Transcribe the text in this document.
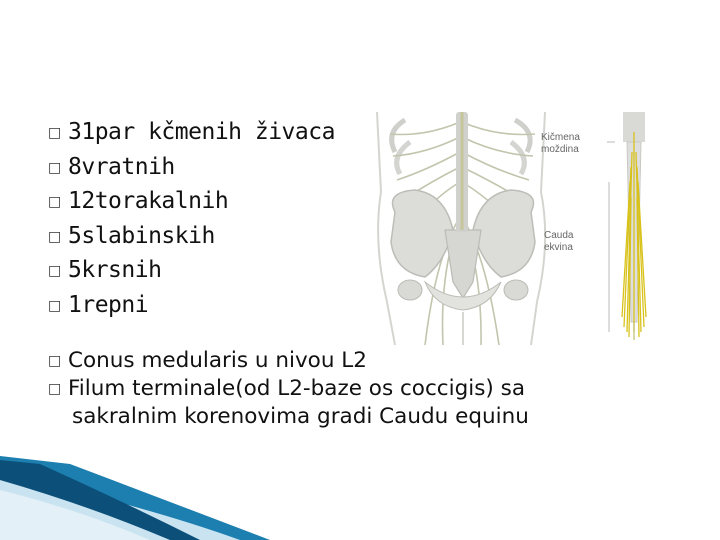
□ 31par kčmenih živaca
□ 8vratnih
□ 12torakalnih
□ 5slabinskih
□ 5krsnih
□ 1repni
□ Conus medularis u nivou L2
□ Filum terminale(od L2-baze os coccigis) sa
sakralnim korenovima gradi Caudu equinu
Kičmena
moždina
Cauda
ekvina
